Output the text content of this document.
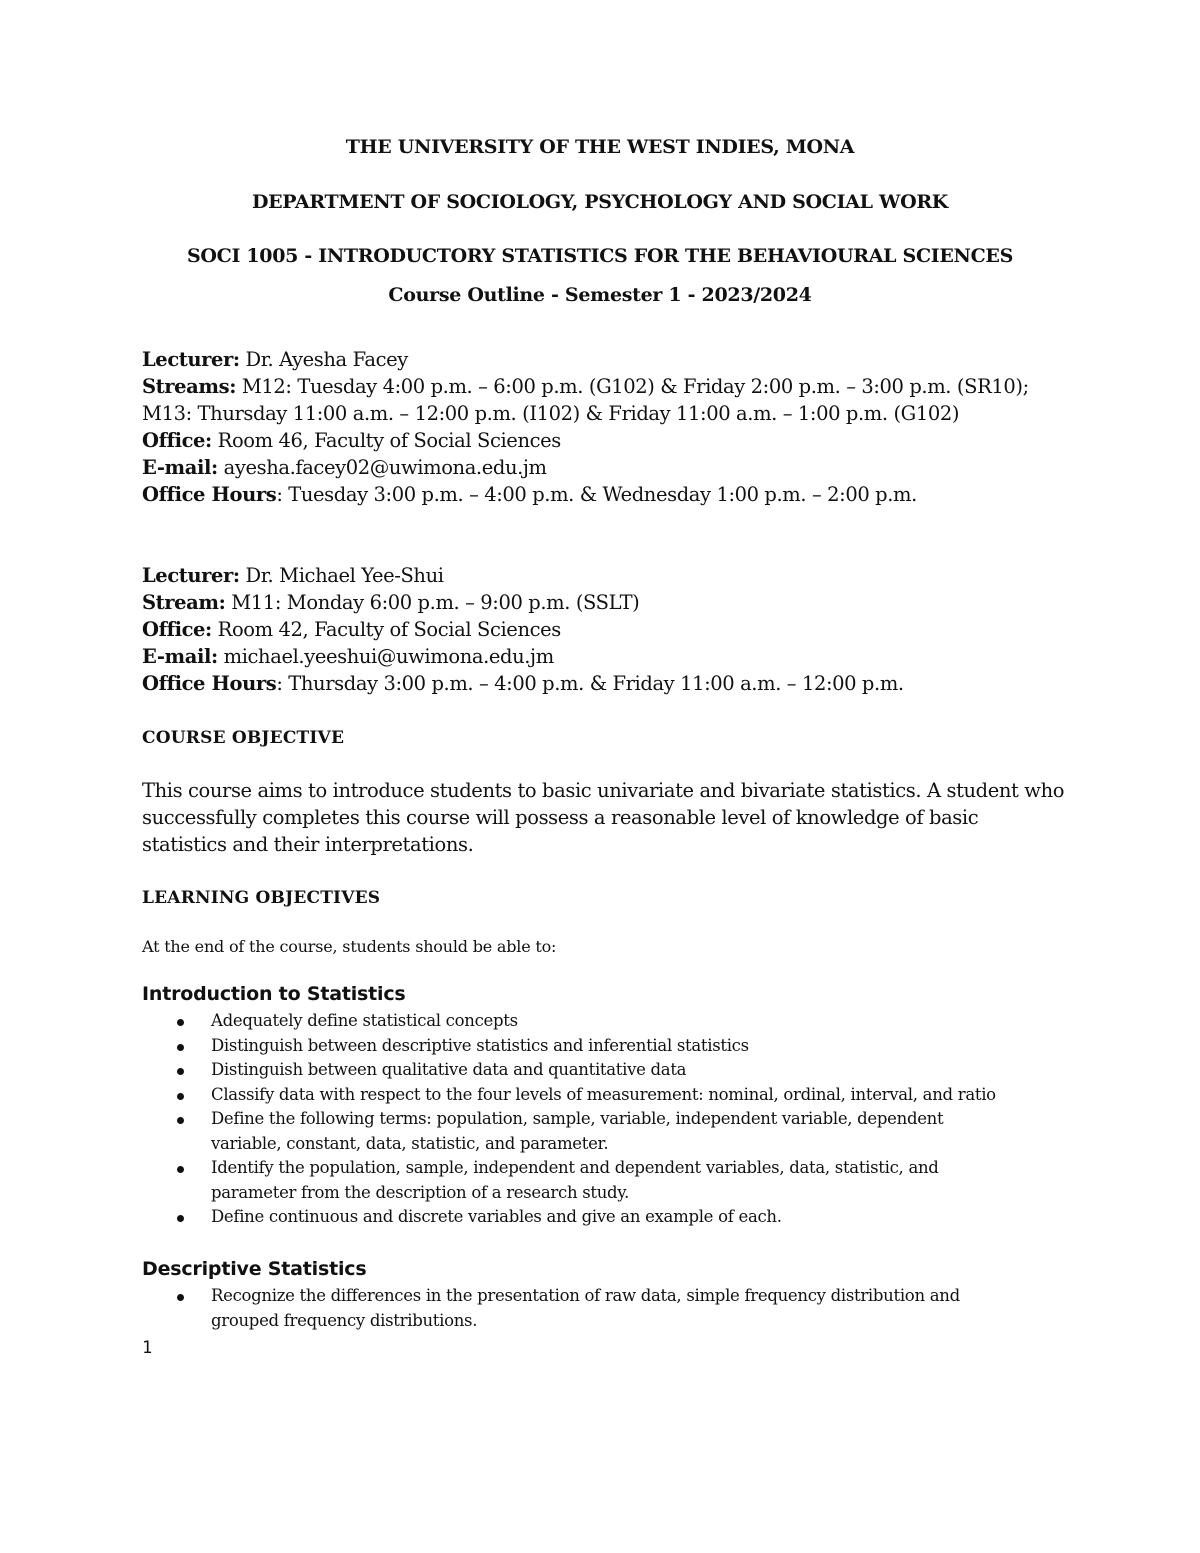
THE UNIVERSITY OF THE WEST INDIES, MONA
DEPARTMENT OF SOCIOLOGY, PSYCHOLOGY AND SOCIAL WORK
SOCI 1005 - INTRODUCTORY STATISTICS FOR THE BEHAVIOURAL SCIENCES
Course Outline - Semester 1 - 2023/2024
Lecturer: Dr. Ayesha Facey
Streams: M12: Tuesday 4:00 p.m. – 6:00 p.m. (G102) & Friday 2:00 p.m. – 3:00 p.m. (SR10);
M13: Thursday 11:00 a.m. – 12:00 p.m. (I102) & Friday 11:00 a.m. – 1:00 p.m. (G102)
Office: Room 46, Faculty of Social Sciences
E-mail: ayesha.facey02@uwimona.edu.jm
Office Hours: Tuesday 3:00 p.m. – 4:00 p.m. & Wednesday 1:00 p.m. – 2:00 p.m.
Lecturer: Dr. Michael Yee-Shui
Stream: M11: Monday 6:00 p.m. – 9:00 p.m. (SSLT)
Office: Room 42, Faculty of Social Sciences
E-mail: michael.yeeshui@uwimona.edu.jm
Office Hours: Thursday 3:00 p.m. – 4:00 p.m. & Friday 11:00 a.m. – 12:00 p.m.
COURSE OBJECTIVE
This course aims to introduce students to basic univariate and bivariate statistics. A student who
successfully completes this course will possess a reasonable level of knowledge of basic
statistics and their interpretations.
LEARNING OBJECTIVES
At the end of the course, students should be able to:
Introduction to Statistics
Adequately define statistical concepts
Distinguish between descriptive statistics and inferential statistics
Distinguish between qualitative data and quantitative data
Classify data with respect to the four levels of measurement: nominal, ordinal, interval, and ratio
Define the following terms: population, sample, variable, independent variable, dependent
variable, constant, data, statistic, and parameter.
Identify the population, sample, independent and dependent variables, data, statistic, and
parameter from the description of a research study.
Define continuous and discrete variables and give an example of each.
Descriptive Statistics
Recognize the differences in the presentation of raw data, simple frequency distribution and
grouped frequency distributions.
1
